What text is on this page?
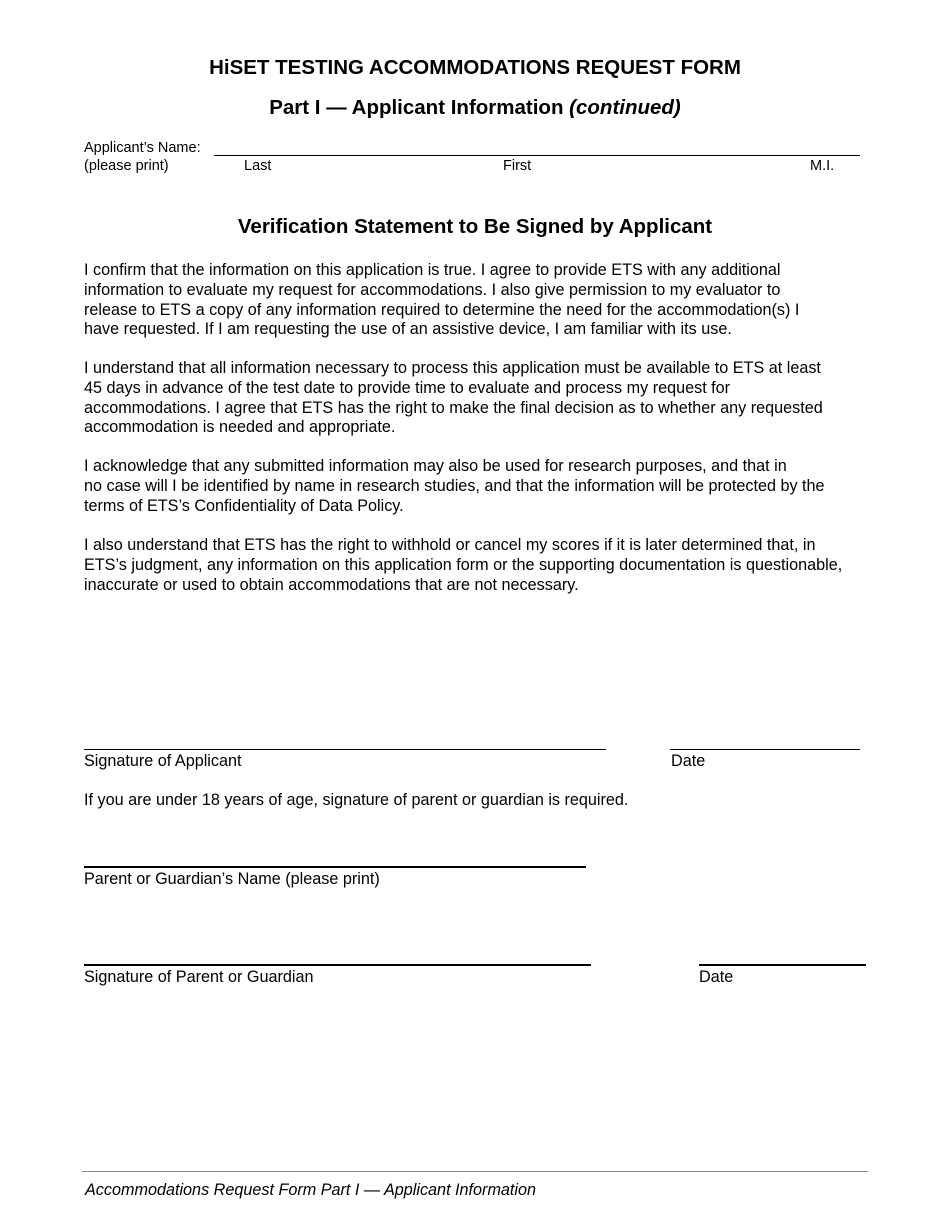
HiSET TESTING ACCOMMODATIONS REQUEST FORM
Part I — Applicant Information (continued)
Applicant’s Name:
(please print)	Last	First	M.I.
Verification Statement to Be Signed by Applicant
I confirm that the information on this application is true. I agree to provide ETS with any additional
information to evaluate my request for accommodations. I also give permission to my evaluator to
release to ETS a copy of any information required to determine the need for the accommodation(s) I
have requested. If I am requesting the use of an assistive device, I am familiar with its use.
I understand that all information necessary to process this application must be available to ETS at least
45 days in advance of the test date to provide time to evaluate and process my request for
accommodations. I agree that ETS has the right to make the final decision as to whether any requested
accommodation is needed and appropriate.
I acknowledge that any submitted information may also be used for research purposes, and that in
no case will I be identified by name in research studies, and that the information will be protected by the
terms of ETS’s Confidentiality of Data Policy.
I also understand that ETS has the right to withhold or cancel my scores if it is later determined that, in
ETS’s judgment, any information on this application form or the supporting documentation is questionable,
inaccurate or used to obtain accommodations that are not necessary.
Signature of Applicant	Date
If you are under 18 years of age, signature of parent or guardian is required.
Parent or Guardian’s Name (please print)
Signature of Parent or Guardian	Date
Accommodations Request Form Part I — Applicant Information
